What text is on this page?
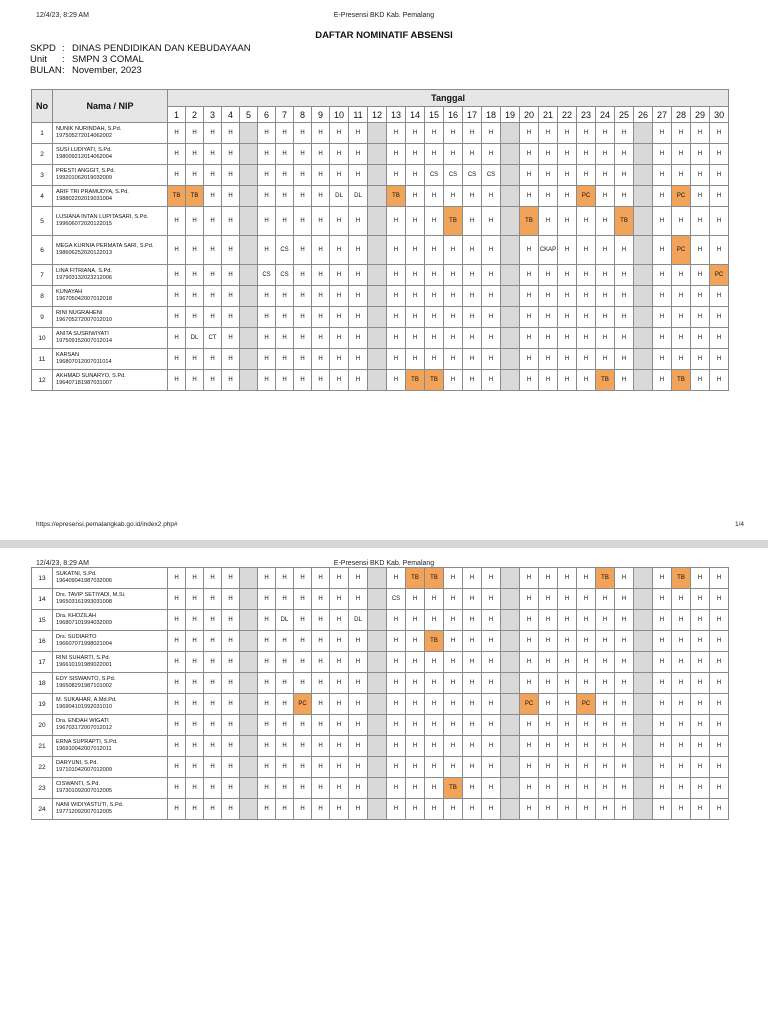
12/4/23, 8:29 AM	E-Presensi BKD Kab. Pemalang
DAFTAR NOMINATIF ABSENSI
SKPD : DINAS PENDIDIKAN DAN KEBUDAYAAN
Unit : SMPN 3 COMAL
BULAN: November, 2023
No	Nama / NIP	Tanggal																													
		1	2	3	4	5	6	7	8	9	10	11	12	13	14	15	16	17	18	19	20	21	22	23	24	25	26	27	28	29	30
1	NUNIK NURINDAH, S.Pd.
197505272014062002	H	H	H	H		H	H	H	H	H	H		H	H	H	H	H	H		H	H	H	H	H	H		H	H	H	H
2	SUSI LUDIYATI, S.Pd.
198009212014062004	H	H	H	H		H	H	H	H	H	H		H	H	H	H	H	H		H	H	H	H	H	H		H	H	H	H
3	PRESTI ANGGIT, S.Pd.
199201062019032009	H	H	H	H		H	H	H	H	H	H		H	H	CS	CS	CS	CS		H	H	H	H	H	H		H	H	H	H
4	ARIF TRI PRAMUDYA, S.Pd.
198802202019031004	TB	TB	H	H		H	H	H	H	DL	DL		TB	H	H	H	H	H		H	H	H	PC	H	H		H	PC	H	H
5	LUSIANA INTAN LUPITASARI, S.Pd.
199606072020122015	H	H	H	H		H	H	H	H	H	H		H	H	H	TB	H	H		TB	H	H	H	H	TB		H	H	H	H
6	MEGA KURNIA PERMATA SARI, S.Pd.
198606252020122013	H	H	H	H		H	CS	H	H	H	H		H	H	H	H	H	H		H	CKAP	H	H	H	H		H	PC	H	H
7	LINA FITRIANA, S.Pd.
197903132023212006	H	H	H	H		CS	CS	H	H	H	H		H	H	H	H	H	H		H	H	H	H	H	H		H	H	H	PC
8	KUNAYAH
196705042007012018	H	H	H	H		H	H	H	H	H	H		H	H	H	H	H	H		H	H	H	H	H	H		H	H	H	H
9	RINI NUGRAHENI
196705272007012010	H	H	H	H		H	H	H	H	H	H		H	H	H	H	H	H		H	H	H	H	H	H		H	H	H	H
10	ANITA SUSRIWIYATI
197509152007012014	H	DL	CT	H		H	H	H	H	H	H		H	H	H	H	H	H		H	H	H	H	H	H		H	H	H	H
11	KARSAN
196807012007011014	H	H	H	H		H	H	H	H	H	H		H	H	H	H	H	H		H	H	H	H	H	H		H	H	H	H
12	AKHMAD SUNARYO, S.Pd.
196407181987031007	H	H	H	H		H	H	H	H	H	H		H	TB	TB	H	H	H		H	H	H	H	TB	H		H	TB	H	H
https://epresensi.pemalangkab.go.id/index2.php#	1/4
12/4/23, 8:29 AM	E-Presensi BKD Kab. Pemalang
13	SUKATNI, S.Pd.
196409041987032006	H	H	H	H		H	H	H	H	H	H		H	TB	TB	H	H	H		H	H	H	H	TB	H		H	TB	H	H
14	Drs. TAVIP SETIYADI, M.Si.
196503161993031008	H	H	H	H		H	H	H	H	H	H		CS	H	H	H	H	H		H	H	H	H	H	H		H	H	H	H
15	Dra. KHOZILAH
196807101994032009	H	H	H	H		H	DL	H	H	H	DL		H	H	H	H	H	H		H	H	H	H	H	H		H	H	H	H
16	Drs. SUDIARTO
196607071998021004	H	H	H	H		H	H	H	H	H	H		H	H	TB	H	H	H		H	H	H	H	H	H		H	H	H	H
17	RINI SUHARTI, S.Pd.
196610191989022001	H	H	H	H		H	H	H	H	H	H		H	H	H	H	H	H		H	H	H	H	H	H		H	H	H	H
18	EDY SISWANTO, S.Pd.
196508291987101002	H	H	H	H		H	H	H	H	H	H		H	H	H	H	H	H		H	H	H	H	H	H		H	H	H	H
19	M. SUKAHAR, A.Md.Pd.
196904101992031010	H	H	H	H		H	H	PC	H	H	H		H	H	H	H	H	H		PC	H	H	PC	H	H		H	H	H	H
20	Dra. ENDAH WIGATI
196703172007012012	H	H	H	H		H	H	H	H	H	H		H	H	H	H	H	H		H	H	H	H	H	H		H	H	H	H
21	ERNA SUPRAPTI, S.Pd.
196910042007012011	H	H	H	H		H	H	H	H	H	H		H	H	H	H	H	H		H	H	H	H	H	H		H	H	H	H
22	DARYUNI, S.Pd.
197101042007012009	H	H	H	H		H	H	H	H	H	H		H	H	H	H	H	H		H	H	H	H	H	H		H	H	H	H
23	CISWANTI, S.Pd.
197301092007012005	H	H	H	H		H	H	H	H	H	H		H	H	H	TB	H	H		H	H	H	H	H	H		H	H	H	H
24	NANI WIDIYASTUTI, S.Pd.
197712092007012005	H	H	H	H		H	H	H	H	H	H		H	H	H	H	H	H		H	H	H	H	H	H		H	H	H	H
